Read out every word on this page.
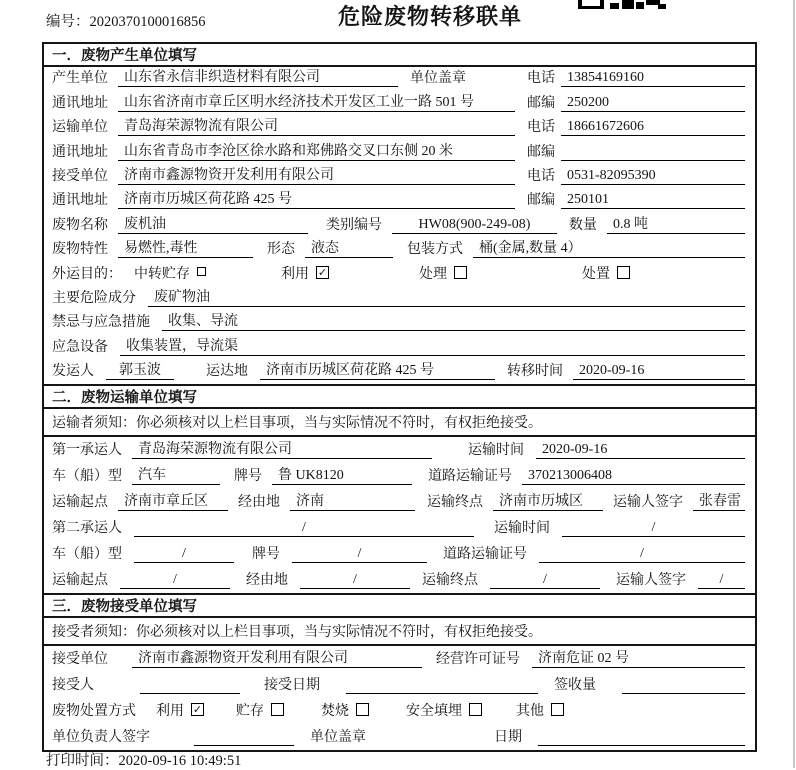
编号：2020370100016856	危险废物转移联单
一．废物产生单位填写
产生单位	山东省永信非织造材料有限公司	单位盖章	电话 13854169160
通讯地址	山东省济南市章丘区明水经济技术开发区工业一路 501 号	邮编 250200
运输单位	青岛海荣源物流有限公司	电话 18661672606
通讯地址	山东省青岛市李沧区徐水路和郑佛路交叉口东侧 20 米	邮编
接受单位	济南市鑫源物资开发利用有限公司	电话 0531-82095390
通讯地址	济南市历城区荷花路 425 号	邮编 250101
废物名称	废机油	类别编号	HW08(900-249-08)	数量	0.8 吨
废物特性	易燃性,毒性	形态	液态	包装方式	桶(金属,数量 4）
外运目的： 中转贮存	利用 ✓	处理	处置
主要危险成分	废矿物油
禁忌与应急措施	收集、导流
应急设备	收集装置，导流渠
发运人	郭玉波	运达地	济南市历城区荷花路 425 号	转移时间	2020-09-16
二．废物运输单位填写
运输者须知：你必须核对以上栏目事项，当与实际情况不符时，有权拒绝接受。
第一承运人	青岛海荣源物流有限公司	运输时间	2020-09-16
车（船）型	汽车	牌号	鲁 UK8120	道路运输证号	370213006408
运输起点	济南市章丘区	经由地	济南	运输终点	济南市历城区	运输人签字	张春雷
第二承运人	/	运输时间	/
车（船）型	/	牌号	/	道路运输证号	/
运输起点	/	经由地	/	运输终点	/	运输人签字	/
三．废物接受单位填写
接受者须知：你必须核对以上栏目事项，当与实际情况不符时，有权拒绝接受。
接受单位	济南市鑫源物资开发利用有限公司	经营许可证号	济南危证 02 号
接受人	接受日期	签收量
废物处置方式 利用 ✓ 贮存	焚烧	安全填埋	其他
单位负责人签字	单位盖章	日期
打印时间：2020-09-16 10:49:51
